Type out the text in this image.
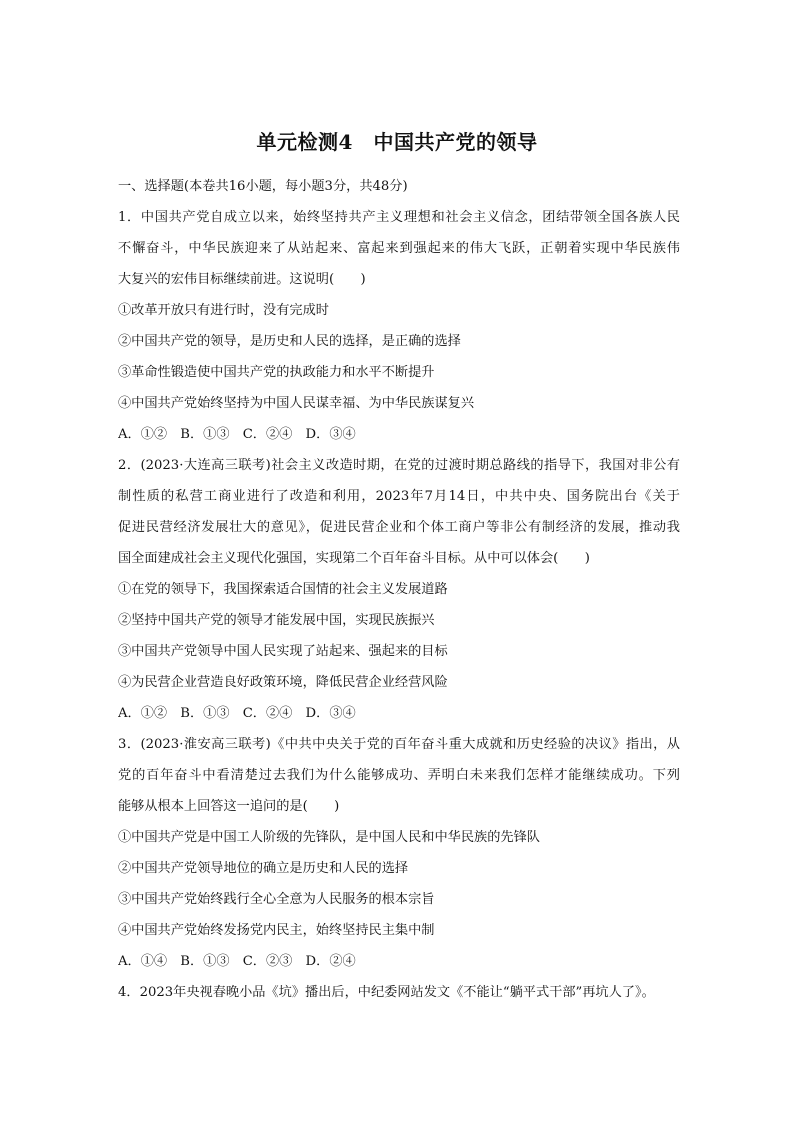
单元检测4　中国共产党的领导
一、选择题(本卷共16小题，每小题3分，共48分)
1．中国共产党自成立以来，始终坚持共产主义理想和社会主义信念，团结带领全国各族人民
不懈奋斗，中华民族迎来了从站起来、富起来到强起来的伟大飞跃，正朝着实现中华民族伟
大复兴的宏伟目标继续前进。这说明(　　)
①改革开放只有进行时，没有完成时
②中国共产党的领导，是历史和人民的选择，是正确的选择
③革命性锻造使中国共产党的执政能力和水平不断提升
④中国共产党始终坚持为中国人民谋幸福、为中华民族谋复兴
A．①②　B．①③　C．②④　D．③④
2．(2023·大连高三联考)社会主义改造时期，在党的过渡时期总路线的指导下，我国对非公有
制性质的私营工商业进行了改造和利用，2023年7月14日，中共中央、国务院出台《关于
促进民营经济发展壮大的意见》，促进民营企业和个体工商户等非公有制经济的发展，推动我
国全面建成社会主义现代化强国，实现第二个百年奋斗目标。从中可以体会(　　)
①在党的领导下，我国探索适合国情的社会主义发展道路
②坚持中国共产党的领导才能发展中国，实现民族振兴
③中国共产党领导中国人民实现了站起来、强起来的目标
④为民营企业营造良好政策环境，降低民营企业经营风险
A．①②　B．①③　C．②④　D．③④
3．(2023·淮安高三联考)《中共中央关于党的百年奋斗重大成就和历史经验的决议》指出，从
党的百年奋斗中看清楚过去我们为什么能够成功、弄明白未来我们怎样才能继续成功。下列
能够从根本上回答这一追问的是(　　)
①中国共产党是中国工人阶级的先锋队，是中国人民和中华民族的先锋队
②中国共产党领导地位的确立是历史和人民的选择
③中国共产党始终践行全心全意为人民服务的根本宗旨
④中国共产党始终发扬党内民主，始终坚持民主集中制
A．①④　B．①③　C．②③　D．②④
4．2023年央视春晚小品《坑》播出后，中纪委网站发文《不能让“躺平式干部”再坑人了》。
